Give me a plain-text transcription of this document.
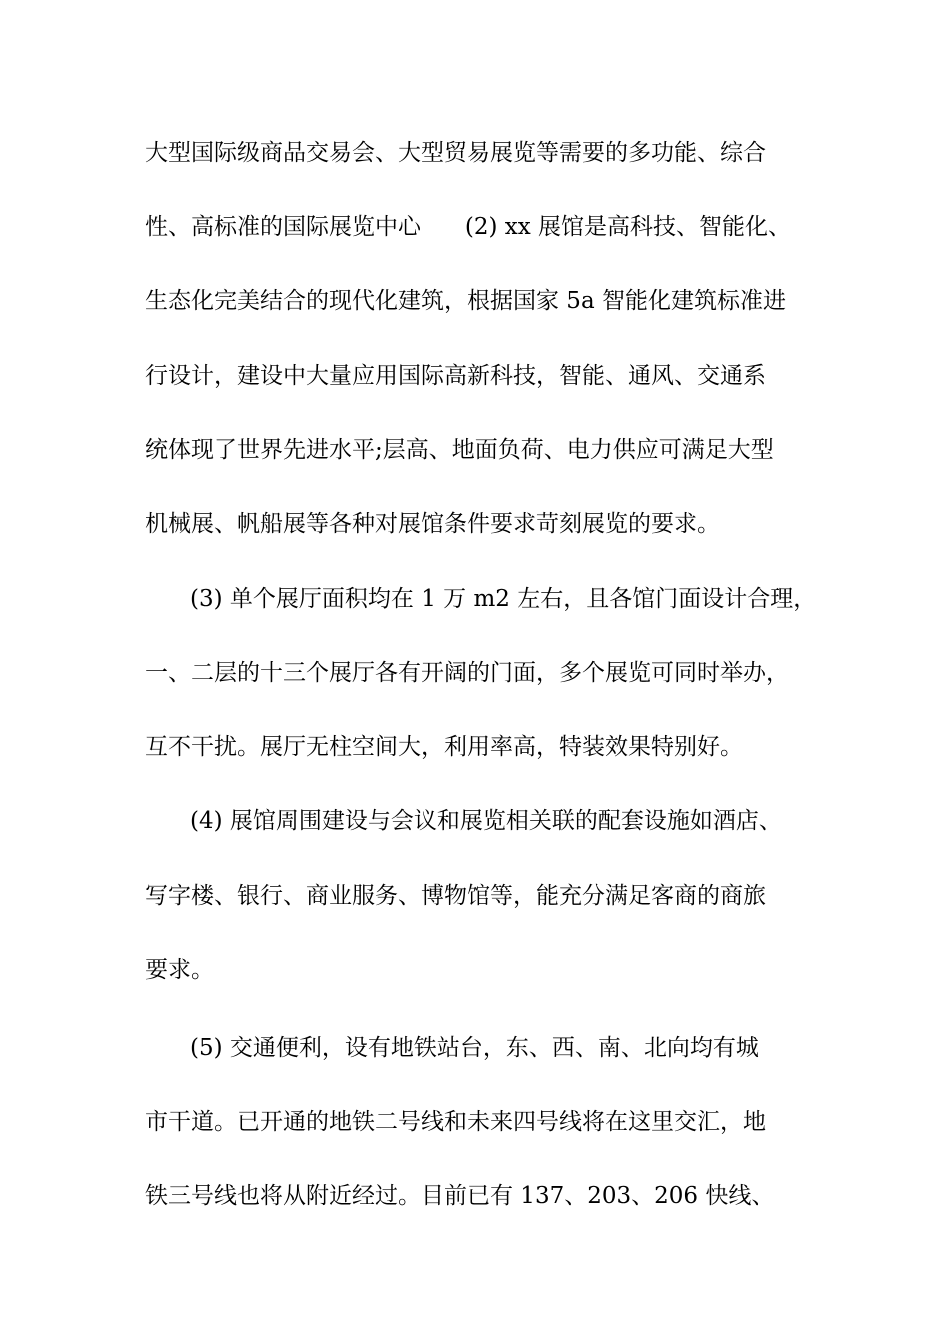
大型国际级商品交易会、大型贸易展览等需要的多功能、综合
性、高标准的国际展览中心      (2) xx 展馆是高科技、智能化、
生态化完美结合的现代化建筑，根据国家 5a 智能化建筑标准进
行设计，建设中大量应用国际高新科技，智能、通风、交通系
统体现了世界先进水平;层高、地面负荷、电力供应可满足大型
机械展、帆船展等各种对展馆条件要求苛刻展览的要求。
(3) 单个展厅面积均在 1 万 m2 左右，且各馆门面设计合理，
一、二层的十三个展厅各有开阔的门面，多个展览可同时举办，
互不干扰。展厅无柱空间大，利用率高，特装效果特别好。
(4) 展馆周围建设与会议和展览相关联的配套设施如酒店、
写字楼、银行、商业服务、博物馆等，能充分满足客商的商旅
要求。
(5) 交通便利，设有地铁站台，东、西、南、北向均有城
市干道。已开通的地铁二号线和未来四号线将在这里交汇，地
铁三号线也将从附近经过。目前已有 137、203、206 快线、
